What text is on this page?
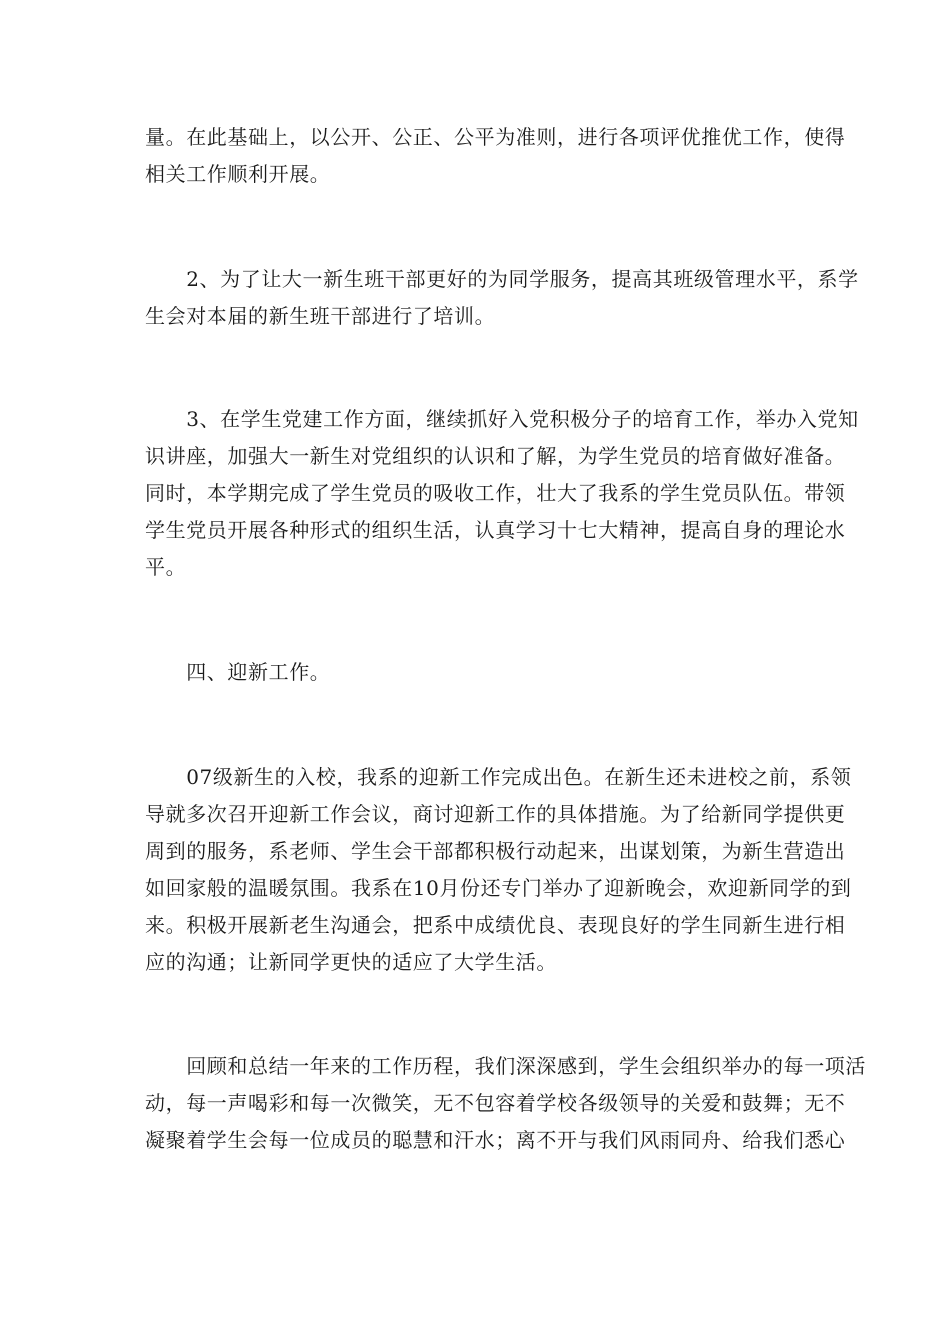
量。在此基础上，以公开、公正、公平为准则，进行各项评优推优工作，使得
相关工作顺利开展。
　　2、为了让大一新生班干部更好的为同学服务，提高其班级管理水平，系学
生会对本届的新生班干部进行了培训。
　　3、在学生党建工作方面，继续抓好入党积极分子的培育工作，举办入党知
识讲座，加强大一新生对党组织的认识和了解，为学生党员的培育做好准备。
同时，本学期完成了学生党员的吸收工作，壮大了我系的学生党员队伍。带领
学生党员开展各种形式的组织生活，认真学习十七大精神，提高自身的理论水
平。
　　四、迎新工作。
　　07级新生的入校，我系的迎新工作完成出色。在新生还未进校之前，系领
导就多次召开迎新工作会议，商讨迎新工作的具体措施。为了给新同学提供更
周到的服务，系老师、学生会干部都积极行动起来，出谋划策，为新生营造出
如回家般的温暖氛围。我系在10月份还专门举办了迎新晚会，欢迎新同学的到
来。积极开展新老生沟通会，把系中成绩优良、表现良好的学生同新生进行相
应的沟通；让新同学更快的适应了大学生活。
　　回顾和总结一年来的工作历程，我们深深感到，学生会组织举办的每一项活
动，每一声喝彩和每一次微笑，无不包容着学校各级领导的关爱和鼓舞；无不
凝聚着学生会每一位成员的聪慧和汗水；离不开与我们风雨同舟、给我们悉心
